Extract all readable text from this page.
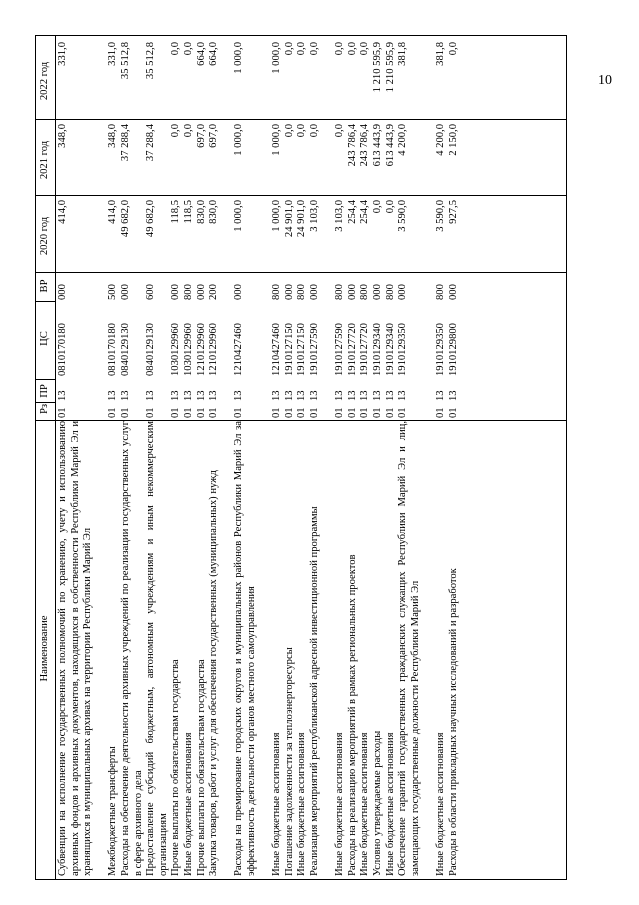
10
Наименование
Рз
ПР
ЦС
ВР
2020 год
2021 год
2022 год
Субвенции на исполнение государственных полномочий по хранению, учету и использованию архивных фондов и архивных документов, находящихся в собственности Республики Марий Эл и хранящихся в муниципальных архивах на территории Республики Марий Эл
01
13
0810170180
000
414,0
348,0
331,0
Межбюджетные трансферты
01
13
0810170180
500
414,0
348,0
331,0
Расходы на обеспечение деятельности архивных учреждений по реализации государственных услуг в сфере архивного дела
01
13
0840129130
000
49 682,0
37 288,4
35 512,8
Предоставление субсидий бюджетным, автономным учреждениям и иным некоммерческим организациям
01
13
0840129130
600
49 682,0
37 288,4
35 512,8
Прочие выплаты по обязательствам государства
01
13
1030129960
000
118,5
0,0
0,0
Иные бюджетные ассигнования
01
13
1030129960
800
118,5
0,0
0,0
Прочие выплаты по обязательствам государства
01
13
1210129960
000
830,0
697,0
664,0
Закупка товаров, работ и услуг для обеспечения государственных (муниципальных) нужд
01
13
1210129960
200
830,0
697,0
664,0
Расходы на премирование городских округов и муниципальных районов Республики Марий Эл за эффективность деятельности органов местного самоуправления
01
13
1210427460
000
1 000,0
1 000,0
1 000,0
Иные бюджетные ассигнования
01
13
1210427460
800
1 000,0
1 000,0
1 000,0
Погашение задолженности за теплоэнергоресурсы
01
13
1910127150
000
24 901,0
0,0
0,0
Иные бюджетные ассигнования
01
13
1910127150
800
24 901,0
0,0
0,0
Реализация мероприятий республиканской адресной инвестиционной программы
01
13
1910127590
000
3 103,0
0,0
0,0
Иные бюджетные ассигнования
01
13
1910127590
800
3 103,0
0,0
0,0
Расходы на реализацию мероприятий в рамках региональных проектов
01
13
1910127720
000
254,4
243 786,4
0,0
Иные бюджетные ассигнования
01
13
1910127720
800
254,4
243 786,4
0,0
Условно утверждаемые расходы
01
13
1910129340
000
0,0
613 443,9
1 210 595,9
Иные бюджетные ассигнования
01
13
1910129340
800
0,0
613 443,9
1 210 595,9
Обеспечение гарантий государственных гражданских служащих Республики Марий Эл и лиц, замещающих государственные должности Республики Марий Эл
01
13
1910129350
000
3 590,0
4 200,0
381,8
Иные бюджетные ассигнования
01
13
1910129350
800
3 590,0
4 200,0
381,8
Расходы в области прикладных научных исследований и разработок
01
13
1910129800
000
927,5
2 150,0
0,0
